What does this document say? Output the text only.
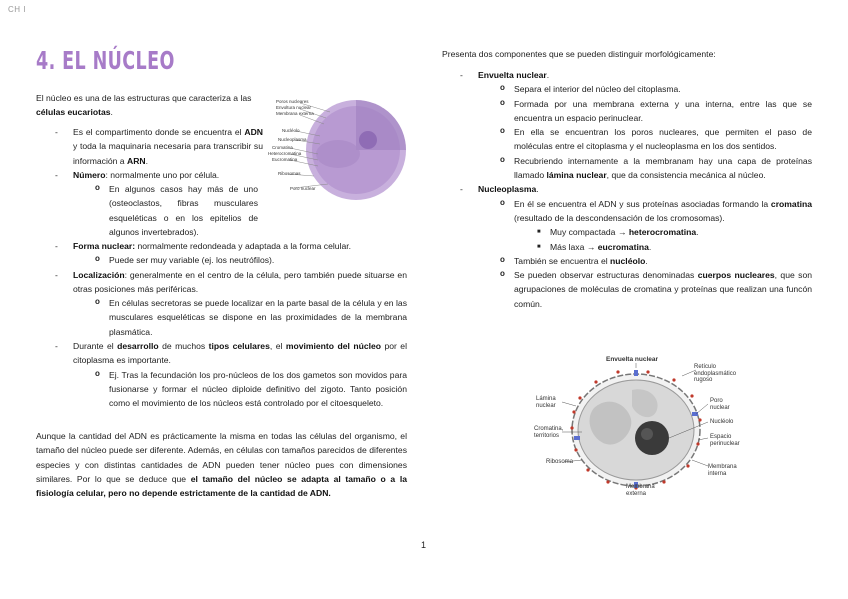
CH I
4. EL NÚCLEO

El núcleo es una de las estructuras que caracteriza a las células eucariotas.

Poros nucleares
Envoltura nuclear
Membrana externa
Nucléolo
Nucleoplasma
Cromatina
Heterocromatina
Eucromatina
Ribosomas
Poro nuclear
- Es el compartimento donde se encuentra el ADN y toda la maquinaria necesaria para transcribir su información a ARN.
- Número: normalmente uno por célula.
o En algunos casos hay más de uno (osteoclastos, fibras musculares esqueléticas o en los epitelios de algunos invertebrados).
- Forma nuclear: normalmente redondeada y adaptada a la forma celular.
o Puede ser muy variable (ej. los neutrófilos).
- Localización: generalmente en el centro de la célula, pero también puede situarse en otras posiciones más periféricas.
o En células secretoras se puede localizar en la parte basal de la célula y en las musculares esqueléticas se dispone en las proximidades de la membrana plasmática.
- Durante el desarrollo de muchos tipos celulares, el movimiento del núcleo por el citoplasma es importante.
o Ej. Tras la fecundación los pro-núcleos de los dos gametos son movidos para fusionarse y formar el núcleo diploide definitivo del zigoto. Tanto posición como el movimiento de los núcleos está controlado por el citoesqueleto.

Aunque la cantidad del ADN es prácticamente la misma en todas las células del organismo, el tamaño del núcleo puede ser diferente. Además, en células con tamaños parecidos de diferentes especies y con distintas cantidades de ADN pueden tener núcleo pues con dimensiones similares. Por lo que se deduce que el tamaño del núcleo se adapta al tamaño o a la fisiología celular, pero no depende estrictamente de la cantidad de ADN.

Presenta dos componentes que se pueden distinguir morfológicamente:
- Envuelta nuclear.
o Separa el interior del núcleo del citoplasma.
o Formada por una membrana externa y una interna, entre las que se encuentra un espacio perinuclear.
o En ella se encuentran los poros nucleares, que permiten el paso de moléculas entre el citoplasma y el nucleoplasma en los dos sentidos.
o Recubriendo internamente a la membranam hay una capa de proteínas llamado lámina nuclear, que da consistencia mecánica al núcleo.
- Nucleoplasma.
o En él se encuentra el ADN y sus proteínas asociadas formando la cromatina (resultado de la descondensación de los cromosomas).
■ Muy compactada → heterocromatina.
■ Más laxa → eucromatina.
o También se encuentra el nucléolo.
o Se pueden observar estructuras denominadas cuerpos nucleares, que son agrupaciones de moléculas de cromatina y proteínas que realizan una funcón común.
Envuelta nuclear
Retículo endoplasmático rugoso
Lámina nuclear
Poro nuclear
Nucléolo
Cromatina, territorios	Espacio perinuclear
Ribosoma
Membrana interna
Membrana externa
1
